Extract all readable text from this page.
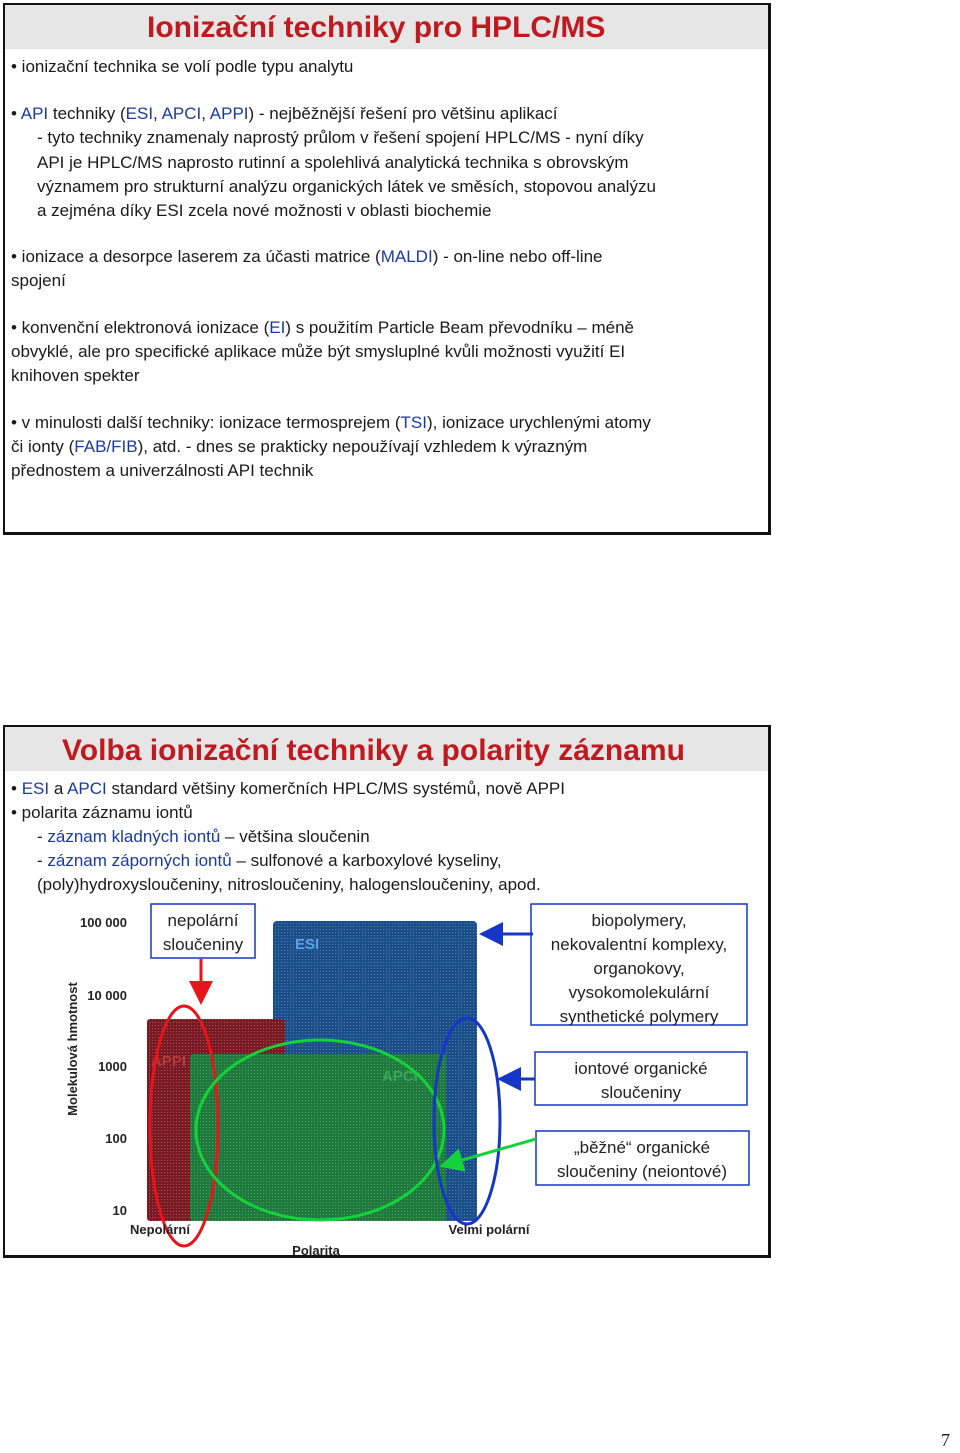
Ionizační techniky pro HPLC/MS
• ionizační technika se volí podle typu analytu
• API techniky (ESI, APCI, APPI) - nejběžnější řešení pro většinu aplikací
- tyto techniky znamenaly naprostý průlom v řešení spojení HPLC/MS - nyní díky
API je HPLC/MS naprosto rutinní a spolehlivá analytická technika s obrovským
významem pro strukturní analýzu organických látek ve směsích, stopovou analýzu
a zejména díky ESI zcela nové možnosti v oblasti biochemie
• ionizace a desorpce laserem za účasti matrice (MALDI) - on-line nebo off-line
spojení
• konvenční elektronová ionizace (EI) s použitím Particle Beam převodníku – méně
obvyklé, ale pro specifické aplikace může být smysluplné kvůli možnosti využití EI
knihoven spekter
• v minulosti další techniky: ionizace termosprejem (TSI), ionizace urychlenými atomy
či ionty (FAB/FIB), atd. - dnes se prakticky nepoužívají vzhledem k výrazným
přednostem a univerzálnosti API technik
Volba ionizační techniky a polarity záznamu
• ESI a APCI standard většiny komerčních HPLC/MS systémů, nově APPI
• polarita záznamu iontů
- záznam kladných iontů – většina sloučenin
- záznam záporných iontů – sulfonové a karboxylové kyseliny,
(poly)hydroxysloučeniny, nitrosloučeniny, halogensloučeniny, apod.
Molekulová hmotnost
100 000
10 000
1000
100
10
ESI
APPI
APCI
Nepolární	Velmi polární
Polarita
nepolární
sloučeniny
biopolymery,
nekovalentní komplexy,
organokovy,
vysokomolekulární
synthetické polymery
iontové organické
sloučeniny
„běžné“ organické
sloučeniny (neiontové)
7
